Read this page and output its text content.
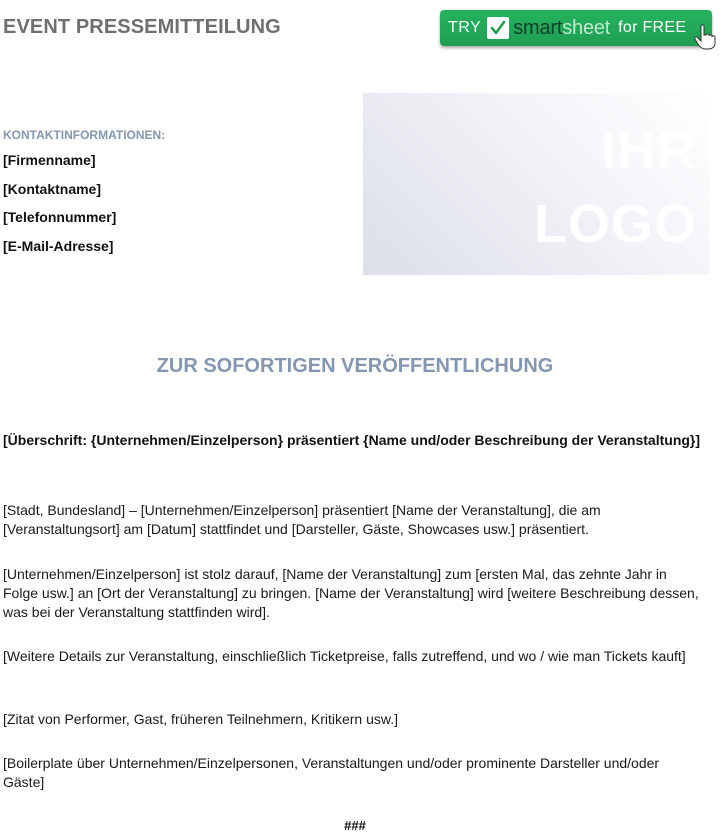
EVENT PRESSEMITTEILUNG	TRY smartsheet for FREE
IHR
LOGO
KONTAKTINFORMATIONEN:
[Firmenname]
[Kontaktname]
[Telefonnummer]
[E-Mail-Adresse]
ZUR SOFORTIGEN VERÖFFENTLICHUNG
[Überschrift: {Unternehmen/Einzelperson} präsentiert {Name und/oder Beschreibung der Veranstaltung}]
[Stadt, Bundesland] – [Unternehmen/Einzelperson] präsentiert [Name der Veranstaltung], die am [Veranstaltungsort] am [Datum] stattfindet und [Darsteller, Gäste, Showcases usw.] präsentiert.
[Unternehmen/Einzelperson] ist stolz darauf, [Name der Veranstaltung] zum [ersten Mal, das zehnte Jahr in Folge usw.] an [Ort der Veranstaltung] zu bringen. [Name der Veranstaltung] wird [weitere Beschreibung dessen, was bei der Veranstaltung stattfinden wird].
[Weitere Details zur Veranstaltung, einschließlich Ticketpreise, falls zutreffend, und wo / wie man Tickets kauft]
[Zitat von Performer, Gast, früheren Teilnehmern, Kritikern usw.]
[Boilerplate über Unternehmen/Einzelpersonen, Veranstaltungen und/oder prominente Darsteller und/oder Gäste]
###
